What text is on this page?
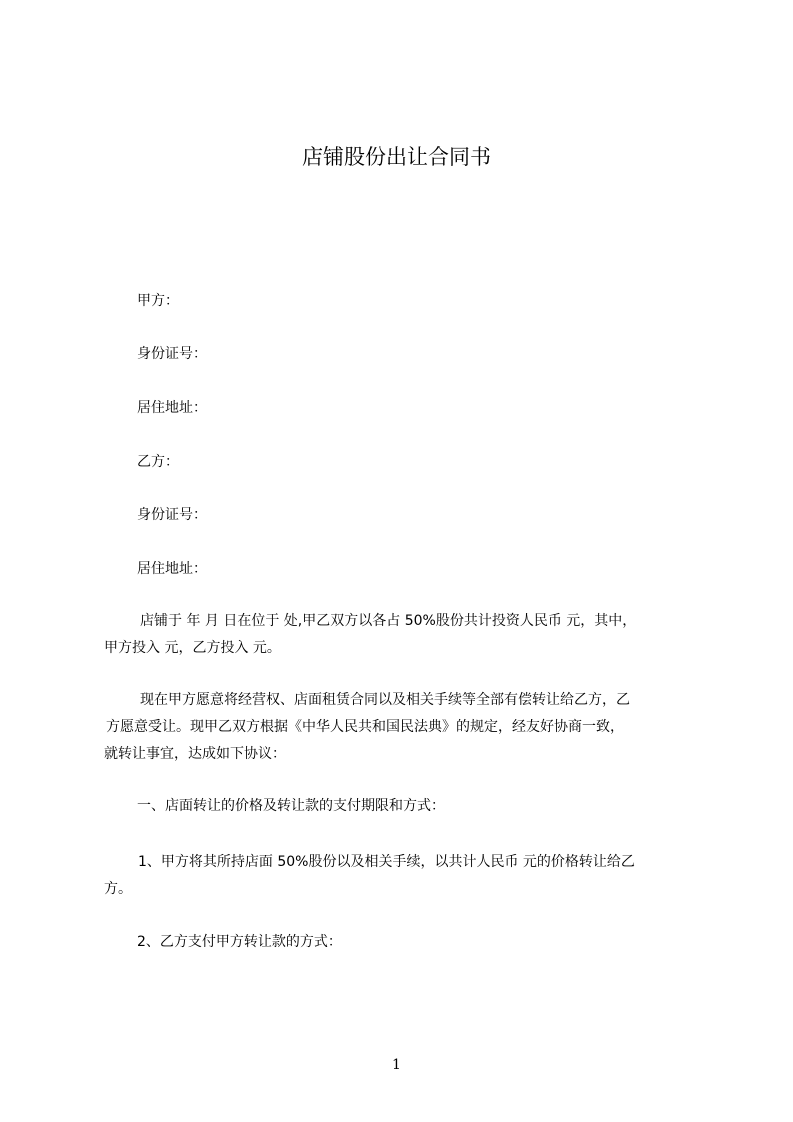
店铺股份出让合同书
甲方：
身份证号：
居住地址：
乙方：
身份证号：
居住地址：
店铺于 年 月 日在位于 处,甲乙双方以各占 50%股份共计投资人民币 元，其中，
甲方投入 元，乙方投入 元。
现在甲方愿意将经营权、店面租赁合同以及相关手续等全部有偿转让给乙方，乙
方愿意受让。现甲乙双方根据《中华人民共和国民法典》的规定，经友好协商一致，
就转让事宜，达成如下协议：
一、店面转让的价格及转让款的支付期限和方式：
1、甲方将其所持店面 50%股份以及相关手续，以共计人民币 元的价格转让给乙
方。
2、乙方支付甲方转让款的方式：
1
